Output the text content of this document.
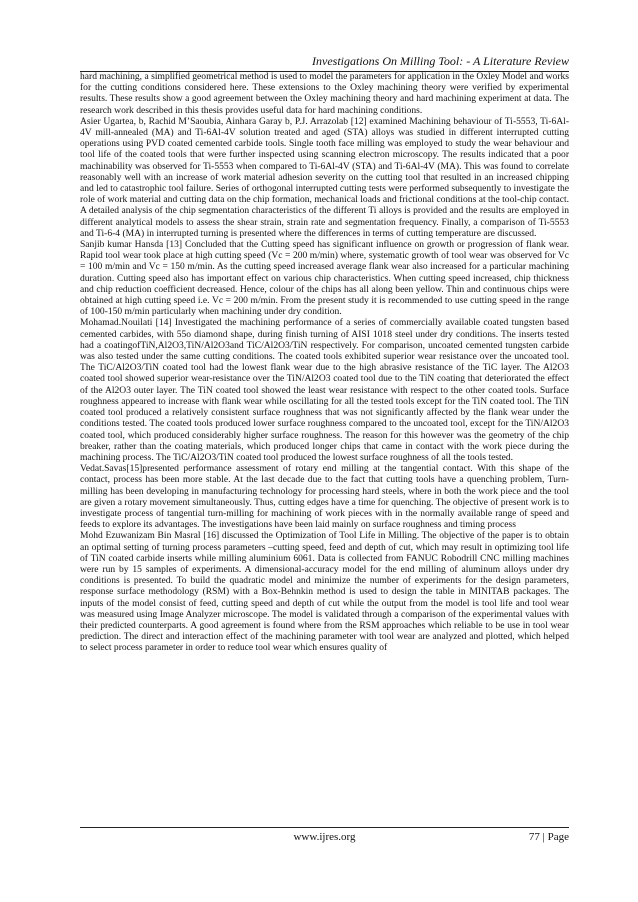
Investigations On Milling Tool: - A Literature Review

hard machining, a simplified geometrical method is used to model the parameters for application in the Oxley Model and works for the cutting conditions considered here. These extensions to the Oxley machining theory were verified by experimental results. These results show a good agreement between the Oxley machining theory and hard machining experiment at data. The research work described in this thesis provides useful data for hard machining conditions.

Asier Ugartea, b, Rachid M’Saoubia, Ainhara Garay b, P.J. Arrazolab [12] examined Machining behaviour of Ti-5553, Ti-6Al-4V mill-annealed (MA) and Ti-6Al-4V solution treated and aged (STA) alloys was studied in different interrupted cutting operations using PVD coated cemented carbide tools. Single tooth face milling was employed to study the wear behaviour and tool life of the coated tools that were further inspected using scanning electron microscopy. The results indicated that a poor machinability was observed for Ti-5553 when compared to Ti-6Al-4V (STA) and Ti-6Al-4V (MA). This was found to correlate reasonably well with an increase of work material adhesion severity on the cutting tool that resulted in an increased chipping and led to catastrophic tool failure. Series of orthogonal interrupted cutting tests were performed subsequently to investigate the role of work material and cutting data on the chip formation, mechanical loads and frictional conditions at the tool-chip contact. A detailed analysis of the chip segmentation characteristics of the different Ti alloys is provided and the results are employed in different analytical models to assess the shear strain, strain rate and segmentation frequency. Finally, a comparison of Ti-5553 and Ti-6-4 (MA) in interrupted turning is presented where the differences in terms of cutting temperature are discussed.

Sanjib kumar Hansda [13] Concluded that the Cutting speed has significant influence on growth or progression of flank wear. Rapid tool wear took place at high cutting speed (Vc = 200 m/min) where, systematic growth of tool wear was observed for Vc = 100 m/min and Vc = 150 m/min. As the cutting speed increased average flank wear also increased for a particular machining duration. Cutting speed also has important effect on various chip characteristics. When cutting speed increased, chip thickness and chip reduction coefficient decreased. Hence, colour of the chips has all along been yellow. Thin and continuous chips were obtained at high cutting speed i.e. Vc = 200 m/min. From the present study it is recommended to use cutting speed in the range of 100-150 m/min particularly when machining under dry condition.

Mohamad.Nouilati [14] Investigated the machining performance of a series of commercially available coated tungsten based cemented carbides, with 55o diamond shape, during finish turning of AISI 1018 steel under dry conditions. The inserts tested had a coatingofTiN,Al2O3,TiN/Al2O3and TiC/Al2O3/TiN respectively. For comparison, uncoated cemented tungsten carbide was also tested under the same cutting conditions. The coated tools exhibited superior wear resistance over the uncoated tool. The TiC/Al2O3/TiN coated tool had the lowest flank wear due to the high abrasive resistance of the TiC layer. The Al2O3 coated tool showed superior wear-resistance over the TiN/Al2O3 coated tool due to the TiN coating that deteriorated the effect of the Al2O3 outer layer. The TiN coated tool showed the least wear resistance with respect to the other coated tools. Surface roughness appeared to increase with flank wear while oscillating for all the tested tools except for the TiN coated tool. The TiN coated tool produced a relatively consistent surface roughness that was not significantly affected by the flank wear under the conditions tested. The coated tools produced lower surface roughness compared to the uncoated tool, except for the TiN/Al2O3 coated tool, which produced considerably higher surface roughness. The reason for this however was the geometry of the chip breaker, rather than the coating materials, which produced longer chips that came in contact with the work piece during the machining process. The TiC/Al2O3/TiN coated tool produced the lowest surface roughness of all the tools tested.

Vedat.Savas[15]presented performance assessment of rotary end milling at the tangential contact. With this shape of the contact, process has been more stable. At the last decade due to the fact that cutting tools have a quenching problem, Turn-milling has been developing in manufacturing technology for processing hard steels, where in both the work piece and the tool are given a rotary movement simultaneously. Thus, cutting edges have a time for quenching. The objective of present work is to investigate process of tangential turn-milling for machining of work pieces with in the normally available range of speed and feeds to explore its advantages. The investigations have been laid mainly on surface roughness and timing process

Mohd Ezuwanizam Bin Masral [16] discussed the Optimization of Tool Life in Milling. The objective of the paper is to obtain an optimal setting of turning process parameters –cutting speed, feed and depth of cut, which may result in optimizing tool life of TiN coated carbide inserts while milling aluminium 6061. Data is collected from FANUC Robodrill CNC milling machines were run by 15 samples of experiments. A dimensional-accuracy model for the end milling of aluminum alloys under dry conditions is presented. To build the quadratic model and minimize the number of experiments for the design parameters, response surface methodology (RSM) with a Box-Behnkin method is used to design the table in MINITAB packages. The inputs of the model consist of feed, cutting speed and depth of cut while the output from the model is tool life and tool wear was measured using Image Analyzer microscope. The model is validated through a comparison of the experimental values with their predicted counterparts. A good agreement is found where from the RSM approaches which reliable to be use in tool wear prediction. The direct and interaction effect of the machining parameter with tool wear are analyzed and plotted, which helped to select process parameter in order to reduce tool wear which ensures quality of

www.ijres.org	77 | Page
